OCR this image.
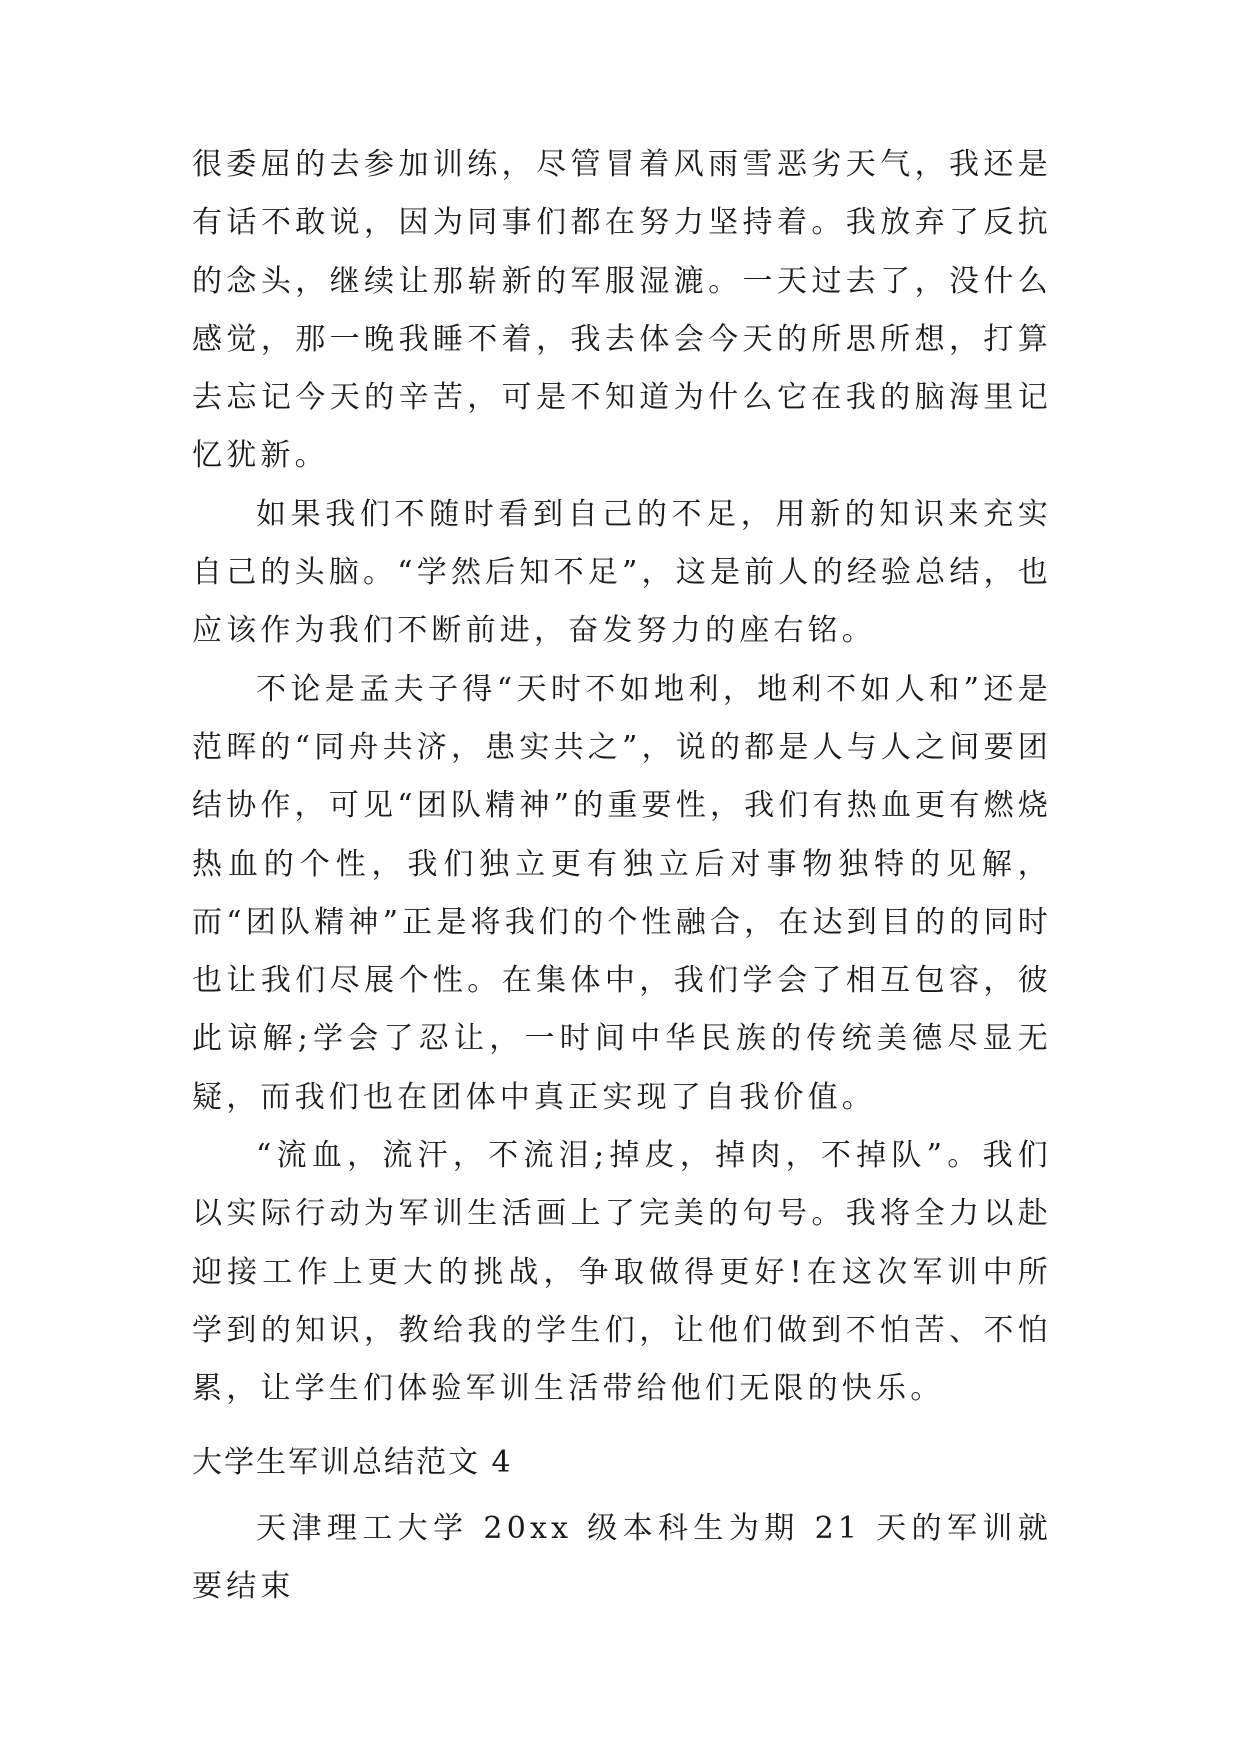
很委屈的去参加训练，尽管冒着风雨雪恶劣天气，我还是有话不敢说，因为同事们都在努力坚持着。我放弃了反抗的念头，继续让那崭新的军服湿漉。一天过去了，没什么感觉，那一晚我睡不着，我去体会今天的所思所想，打算去忘记今天的辛苦，可是不知道为什么它在我的脑海里记忆犹新。

如果我们不随时看到自己的不足，用新的知识来充实自己的头脑。“学然后知不足”，这是前人的经验总结，也应该作为我们不断前进，奋发努力的座右铭。

不论是孟夫子得“天时不如地利，地利不如人和”还是范晖的“同舟共济，患实共之”，说的都是人与人之间要团结协作，可见“团队精神”的重要性，我们有热血更有燃烧热血的个性，我们独立更有独立后对事物独特的见解，而“团队精神”正是将我们的个性融合，在达到目的的同时也让我们尽展个性。在集体中，我们学会了相互包容，彼此谅解;学会了忍让，一时间中华民族的传统美德尽显无疑，而我们也在团体中真正实现了自我价值。

“流血，流汗，不流泪;掉皮，掉肉，不掉队”。我们以实际行动为军训生活画上了完美的句号。我将全力以赴迎接工作上更大的挑战，争取做得更好!在这次军训中所学到的知识，教给我的学生们，让他们做到不怕苦、不怕累，让学生们体验军训生活带给他们无限的快乐。

大学生军训总结范文 4

天津理工大学 20xx 级本科生为期 21 天的军训就要结束
